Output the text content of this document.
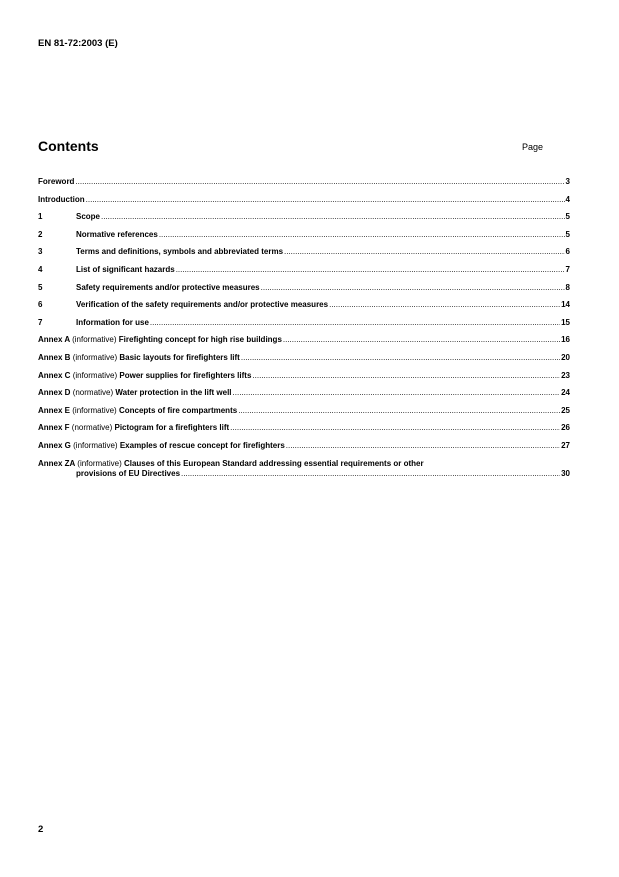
EN 81-72:2003 (E)
Contents	Page
Foreword .....	3
Introduction .....	4
1	Scope .....	5
2	Normative references .....	5
3	Terms and definitions, symbols and abbreviated terms .....	6
4	List of significant hazards .....	7
5	Safety requirements and/or protective measures .....	8
6	Verification of the safety requirements and/or protective measures .....	14
7	Information for use .....	15
Annex A (informative) Firefighting concept for high rise buildings .....	16
Annex B (informative) Basic layouts for firefighters lift .....	20
Annex C (informative) Power supplies for firefighters lifts .....	23
Annex D (normative) Water protection in the lift well .....	24
Annex E (informative) Concepts of fire compartments .....	25
Annex F (normative) Pictogram for a firefighters lift .....	26
Annex G (informative) Examples of rescue concept for firefighters .....	27
Annex ZA (informative) Clauses of this European Standard addressing essential requirements or other
provisions of EU Directives .....	30
2
